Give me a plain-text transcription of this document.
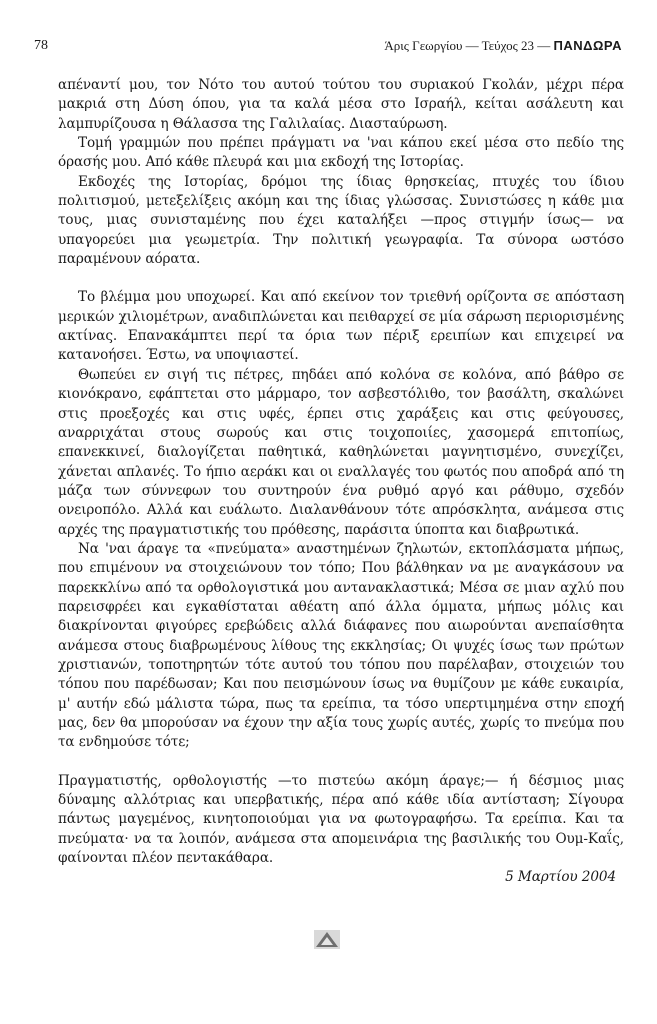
78	Άρις Γεωργίου — Τεύχος 23 — ΠΑΝΔΩΡΑ

απέναντί μου, τον Νότο του αυτού τούτου του συριακού Γκολάν, μέχρι πέρα μακριά στη Δύση όπου, για τα καλά μέσα στο Ισραήλ, κείται ασάλευτη και λαμπυρίζουσα η Θάλασσα της Γαλιλαίας. Διασταύρωση.

Τομή γραμμών που πρέπει πράγματι να 'ναι κάπου εκεί μέσα στο πεδίο της όρασής μου. Από κάθε πλευρά και μια εκδοχή της Ιστορίας.

Εκδοχές της Ιστορίας, δρόμοι της ίδιας θρησκείας, πτυχές του ίδιου πολιτισμού, μετεξελίξεις ακόμη και της ίδιας γλώσσας. Συνιστώσες η κάθε μια τους, μιας συνισταμένης που έχει καταλήξει —προς στιγμήν ίσως— να υπαγορεύει μια γεωμετρία. Την πολιτική γεωγραφία. Τα σύνορα ωστόσο παραμένουν αόρατα.

Το βλέμμα μου υποχωρεί. Και από εκείνον τον τριεθνή ορίζοντα σε απόσταση μερικών χιλιομέτρων, αναδιπλώνεται και πειθαρχεί σε μία σάρωση περιορισμένης ακτίνας. Επανακάμπτει περί τα όρια των πέριξ ερειπίων και επιχειρεί να κατανοήσει. Έστω, να υποψιαστεί.

Θωπεύει εν σιγή τις πέτρες, πηδάει από κολόνα σε κολόνα, από βάθρο σε κιονόκρανο, εφάπτεται στο μάρμαρο, τον ασβεστόλιθο, τον βασάλτη, σκαλώνει στις προεξοχές και στις υφές, έρπει στις χαράξεις και στις φεύγουσες, αναρριχάται στους σωρούς και στις τοιχοποιίες, χασομερά επιτοπίως, επανεκκινεί, διαλογίζεται παθητικά, καθηλώνεται μαγνητισμένο, συνεχίζει, χάνεται απλανές. Το ήπιο αεράκι και οι εναλλαγές του φωτός που αποδρά από τη μάζα των σύννεφων του συντηρούν ένα ρυθμό αργό και ράθυμο, σχεδόν ονειροπόλο. Αλλά και ευάλωτο. Διαλανθάνουν τότε απρόσκλητα, ανάμεσα στις αρχές της πραγματιστικής του πρόθεσης, παράσιτα ύποπτα και διαβρωτικά.

Να 'ναι άραγε τα «πνεύματα» αναστημένων ζηλωτών, εκτοπλάσματα μήπως, που επιμένουν να στοιχειώνουν τον τόπο; Που βάλθηκαν να με αναγκάσουν να παρεκκλίνω από τα ορθολογιστικά μου αντανακλαστικά; Μέσα σε μιαν αχλύ που παρεισφρέει και εγκαθίσταται αθέατη από άλλα όμματα, μήπως μόλις και διακρίνονται φιγούρες ερεβώδεις αλλά διάφανες που αιωρούνται ανεπαίσθητα ανάμεσα στους διαβρωμένους λίθους της εκκλησίας; Οι ψυχές ίσως των πρώτων χριστιανών, τοποτηρητών τότε αυτού του τόπου που παρέλαβαν, στοιχειών του τόπου που παρέδωσαν; Και που πεισμώνουν ίσως να θυμίζουν με κάθε ευκαιρία, μ' αυτήν εδώ μάλιστα τώρα, πως τα ερείπια, τα τόσο υπερτιμημένα στην εποχή μας, δεν θα μπορούσαν να έχουν την αξία τους χωρίς αυτές, χωρίς το πνεύμα που τα ενδημούσε τότε;

Πραγματιστής, ορθολογιστής —το πιστεύω ακόμη άραγε;— ή δέσμιος μιας δύναμης αλλότριας και υπερβατικής, πέρα από κάθε ιδία αντίσταση; Σίγουρα πάντως μαγεμένος, κινητοποιούμαι για να φωτογραφήσω. Τα ερείπια. Και τα πνεύματα· να τα λοιπόν, ανάμεσα στα απομεινάρια της βασιλικής του Ουμ-Καΐς, φαίνονται πλέον πεντακάθαρα.

5 Μαρτίου 2004
